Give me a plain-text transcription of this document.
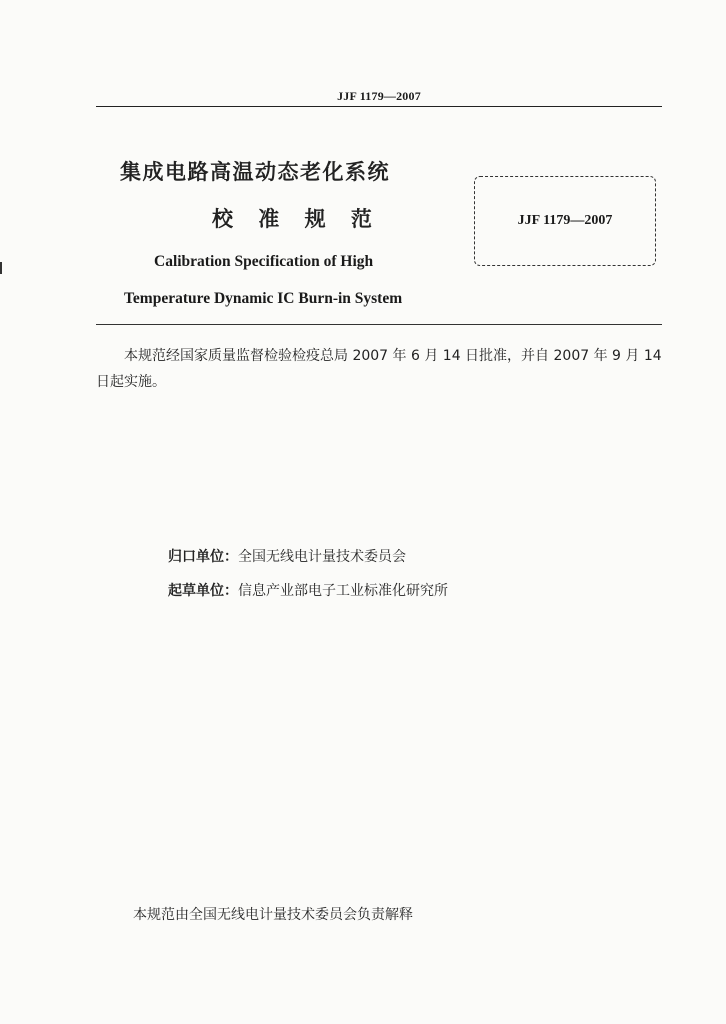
JJF 1179—2007
集成电路高温动态老化系统
校 准 规 范
Calibration Specification of High
Temperature Dynamic IC Burn-in System
JJF 1179—2007
本规范经国家质量监督检验检疫总局 2007 年 6 月 14 日批准，并自 2007 年 9 月 14 日起实施。
归口单位：全国无线电计量技术委员会
起草单位：信息产业部电子工业标准化研究所
本规范由全国无线电计量技术委员会负责解释
